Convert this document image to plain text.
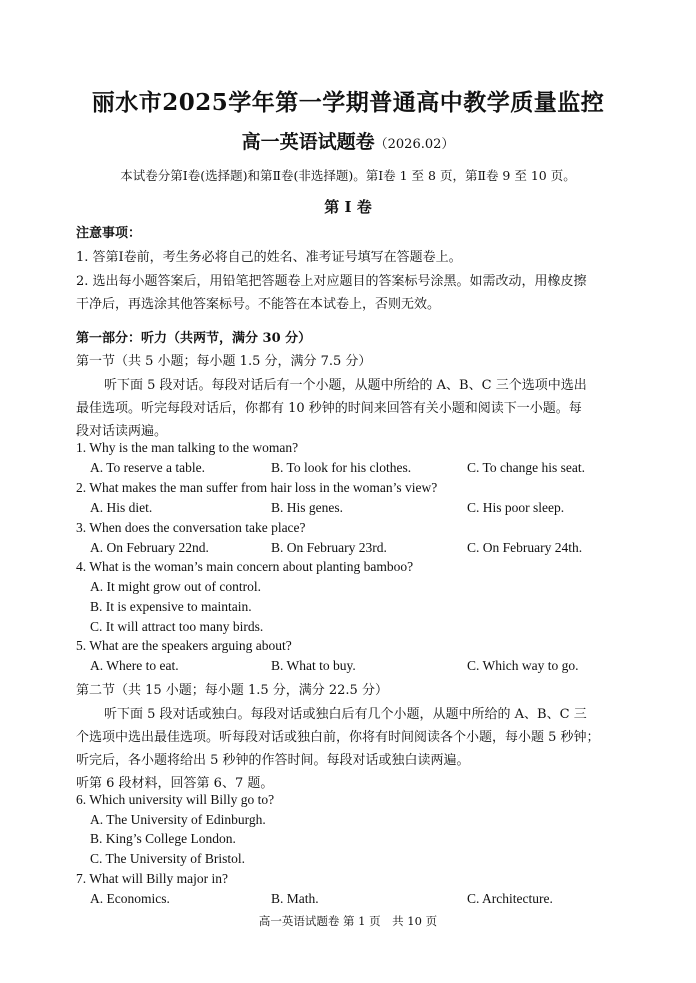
丽水市2025学年第一学期普通高中教学质量监控
高一英语试题卷（2026.02）
本试卷分第Ⅰ卷(选择题)和第Ⅱ卷(非选择题)。第Ⅰ卷 1 至 8 页，第Ⅱ卷 9 至 10 页。
第 I 卷
注意事项：
1. 答第Ⅰ卷前，考生务必将自己的姓名、准考证号填写在答题卷上。
2. 选出每小题答案后，用铅笔把答题卷上对应题目的答案标号涂黑。如需改动，用橡皮擦
干净后，再选涂其他答案标号。不能答在本试卷上，否则无效。
第一部分：听力（共两节，满分 30 分）
第一节（共 5 小题；每小题 1.5 分，满分 7.5 分）
听下面 5 段对话。每段对话后有一个小题，从题中所给的 A、B、C 三个选项中选出
最佳选项。听完每段对话后，你都有 10 秒钟的时间来回答有关小题和阅读下一小题。每
段对话读两遍。
1. Why is the man talking to the woman?
A. To reserve a table.	B. To look for his clothes.	C. To change his seat.
2. What makes the man suffer from hair loss in the woman’s view?
A. His diet.	B. His genes.	C. His poor sleep.
3. When does the conversation take place?
A. On February 22nd.	B. On February 23rd.	C. On February 24th.
4. What is the woman’s main concern about planting bamboo?
A. It might grow out of control.
B. It is expensive to maintain.
C. It will attract too many birds.
5. What are the speakers arguing about?
A. Where to eat.	B. What to buy.	C. Which way to go.
第二节（共 15 小题；每小题 1.5 分，满分 22.5 分）
听下面 5 段对话或独白。每段对话或独白后有几个小题，从题中所给的 A、B、C 三
个选项中选出最佳选项。听每段对话或独白前，你将有时间阅读各个小题，每小题 5 秒钟；
听完后，各小题将给出 5 秒钟的作答时间。每段对话或独白读两遍。
听第 6 段材料，回答第 6、7 题。
6. Which university will Billy go to?
A. The University of Edinburgh.
B. King’s College London.
C. The University of Bristol.
7. What will Billy major in?
A. Economics.	B. Math.	C. Architecture.
高一英语试题卷 第 1 页　共 10 页
